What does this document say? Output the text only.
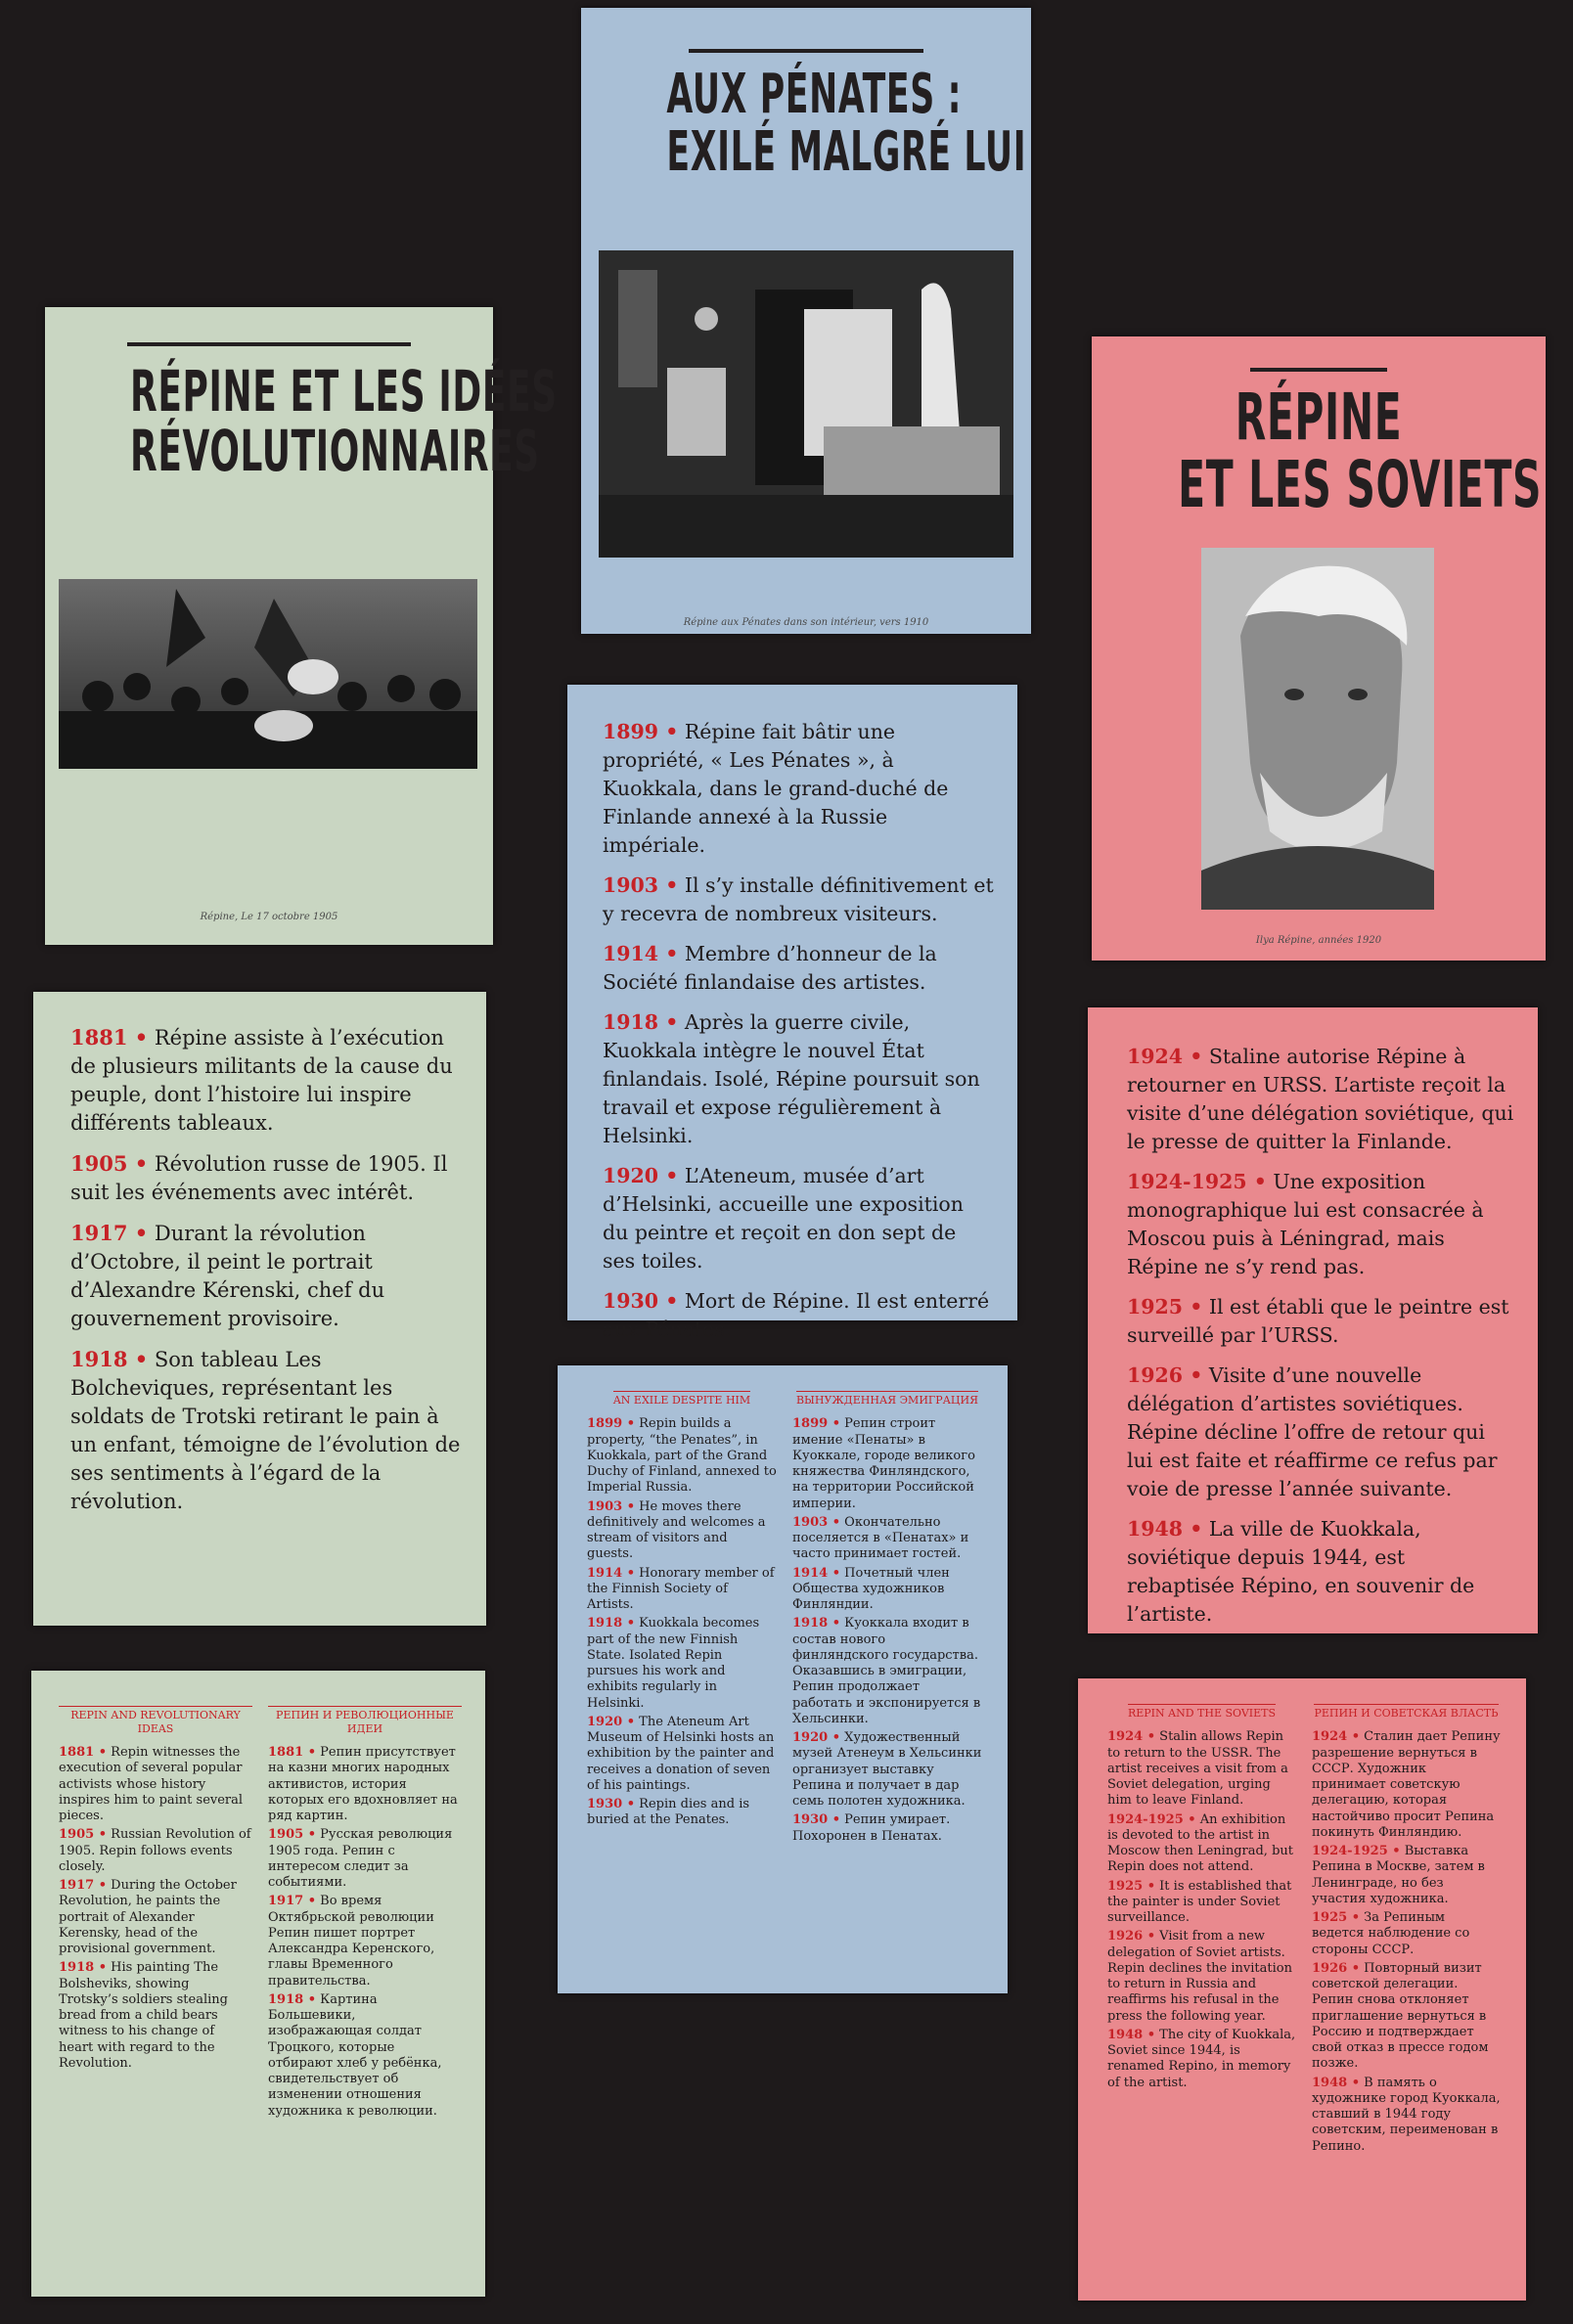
RÉPINE ET LES IDÉES
RÉVOLUTIONNAIRES
Répine, Le 17 octobre 1905
1881 • Répine assiste à l’exécution de plusieurs militants de la cause du peuple, dont l’histoire lui inspire différents tableaux.
1905 • Révolution russe de 1905. Il suit les événements avec intérêt.
1917 • Durant la révolution d’Octobre, il peint le portrait d’Alexandre Kérenski, chef du gouvernement provisoire.
1918 • Son tableau Les Bolcheviques, représentant les soldats de Trotski retirant le pain à un enfant, témoigne de l’évolution de ses sentiments à l’égard de la révolution.
REPIN AND REVOLUTIONARY IDEAS
1881 • Repin witnesses the execution of several popular activists whose history inspires him to paint several pieces.
1905 • Russian Revolution of 1905. Repin follows events closely.
1917 • During the October Revolution, he paints the portrait of Alexander Kerensky, head of the provisional government.
1918 • His painting The Bolsheviks, showing Trotsky’s soldiers stealing bread from a child bears witness to his change of heart with regard to the Revolution.
РЕПИН И РЕВОЛЮЦИОННЫЕ ИДЕИ
1881 • Репин присутствует на казни многих народных активистов, история которых его вдохновляет на ряд картин.
1905 • Русская революция 1905 года. Репин с интересом следит за событиями.
1917 • Во время Октябрьской революции Репин пишет портрет Александра Керенского, главы Временного правительства.
1918 • Картина Большевики, изображающая солдат Троцкого, которые отбирают хлеб у ребёнка, свидетельствует об изменении отношения художника к революции.
AUX PÉNATES :
EXILÉ MALGRÉ LUI
Répine aux Pénates dans son intérieur, vers 1910
1899 • Répine fait bâtir une propriété, « Les Pénates », à Kuokkala, dans le grand-duché de Finlande annexé à la Russie impériale.
1903 • Il s’y installe définitivement et y recevra de nombreux visiteurs.
1914 • Membre d’honneur de la Société finlandaise des artistes.
1918 • Après la guerre civile, Kuokkala intègre le nouvel État finlandais. Isolé, Répine poursuit son travail et expose régulièrement à Helsinki.
1920 • L’Ateneum, musée d’art d’Helsinki, accueille une exposition du peintre et reçoit en don sept de ses toiles.
1930 • Mort de Répine. Il est enterré aux Pénates.
AN EXILE DESPITE HIM
1899 • Repin builds a property, “the Penates”, in Kuokkala, part of the Grand Duchy of Finland, annexed to Imperial Russia.
1903 • He moves there definitively and welcomes a stream of visitors and guests.
1914 • Honorary member of the Finnish Society of Artists.
1918 • Kuokkala becomes part of the new Finnish State. Isolated Repin pursues his work and exhibits regularly in Helsinki.
1920 • The Ateneum Art Museum of Helsinki hosts an exhibition by the painter and receives a donation of seven of his paintings.
1930 • Repin dies and is buried at the Penates.
ВЫНУЖДЕННАЯ ЭМИГРАЦИЯ
1899 • Репин строит имение «Пенаты» в Куоккале, городе великого княжества Финляндского, на территории Российской империи.
1903 • Окончательно поселяется в «Пенатах» и часто принимает гостей.
1914 • Почетный член Общества художников Финляндии.
1918 • Куоккала входит в состав нового финляндского государства. Оказавшись в эмиграции, Репин продолжает работать и экспонируется в Хельсинки.
1920 • Художественный музей Атенеум в Хельсинки организует выставку Репина и получает в дар семь полотен художника.
1930 • Репин умирает. Похоронен в Пенатах.
RÉPINE
ET LES SOVIETS
Ilya Répine, années 1920
1924 • Staline autorise Répine à retourner en URSS. L’artiste reçoit la visite d’une délégation soviétique, qui le presse de quitter la Finlande.
1924-1925 • Une exposition monographique lui est consacrée à Moscou puis à Léningrad, mais Répine ne s’y rend pas.
1925 • Il est établi que le peintre est surveillé par l’URSS.
1926 • Visite d’une nouvelle délégation d’artistes soviétiques. Répine décline l’offre de retour qui lui est faite et réaffirme ce refus par voie de presse l’année suivante.
1948 • La ville de Kuokkala, soviétique depuis 1944, est rebaptisée Répino, en souvenir de l’artiste.
REPIN AND THE SOVIETS
1924 • Stalin allows Repin to return to the USSR. The artist receives a visit from a Soviet delegation, urging him to leave Finland.
1924-1925 • An exhibition is devoted to the artist in Moscow then Leningrad, but Repin does not attend.
1925 • It is established that the painter is under Soviet surveillance.
1926 • Visit from a new delegation of Soviet artists. Repin declines the invitation to return in Russia and reaffirms his refusal in the press the following year.
1948 • The city of Kuokkala, Soviet since 1944, is renamed Repino, in memory of the artist.
РЕПИН И СОВЕТСКАЯ ВЛАСТЬ
1924 • Сталин дает Репину разрешение вернуться в СССР. Художник принимает советскую делегацию, которая настойчиво просит Репина покинуть Финляндию.
1924-1925 • Выставка Репина в Москве, затем в Ленинграде, но без участия художника.
1925 • За Репиным ведется наблюдение со стороны СССР.
1926 • Повторный визит советской делегации. Репин снова отклоняет приглашение вернуться в Россию и подтверждает свой отказ в прессе годом позже.
1948 • В память о художнике город Куоккала, ставший в 1944 году советским, переименован в Репино.
